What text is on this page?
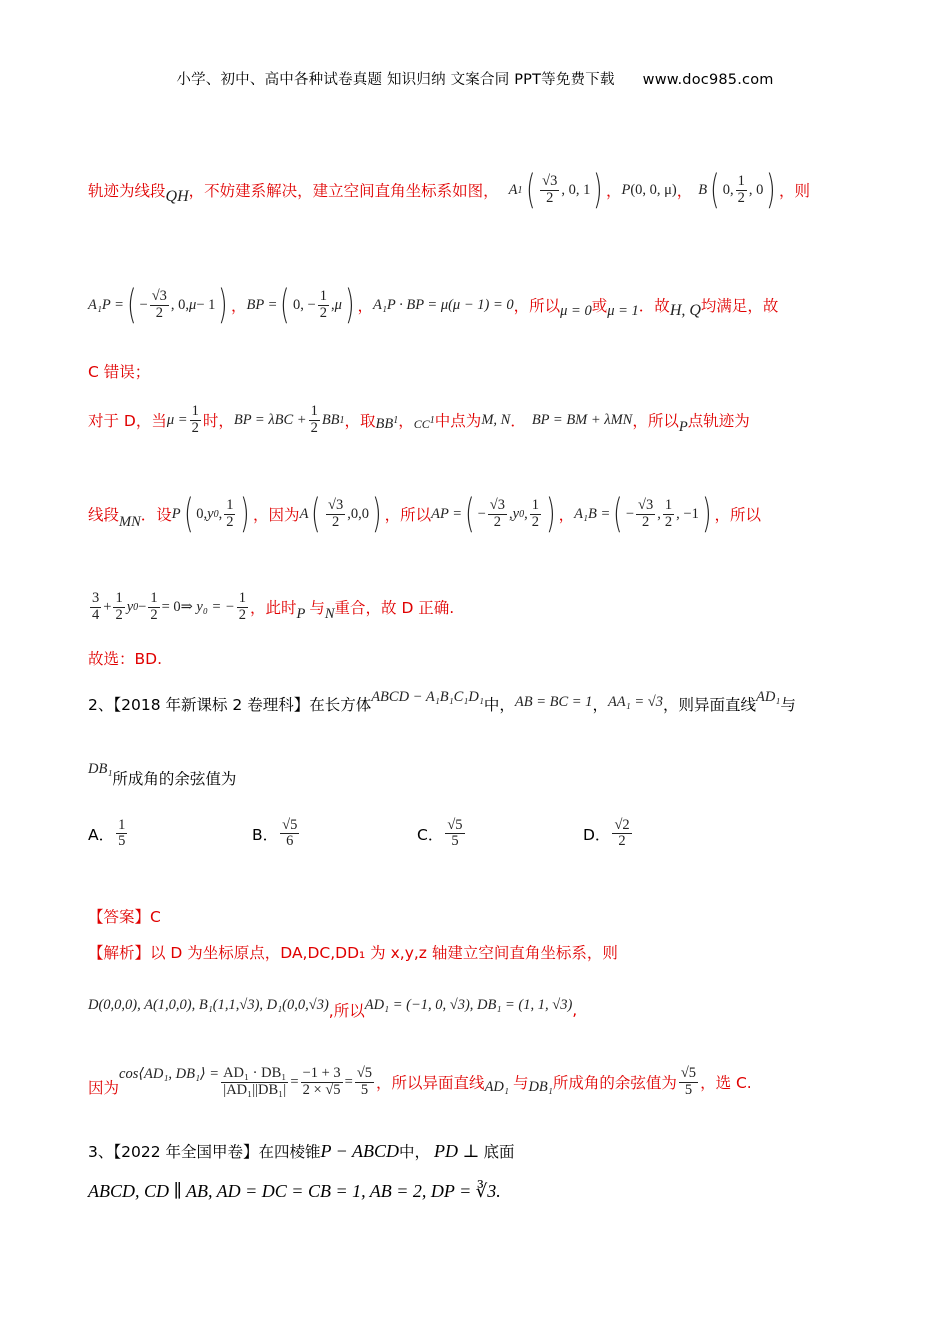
小学、初中、高中各种试卷真题 知识归纳 文案合同 PPT等免费下载 www.doc985.com
轨迹为线段 QH ，不妨建系解决，建立空间直角坐标系如图， A 1 ( $\frac{√3}{2}$ , 0, 1 ) ， P (0, 0, μ) ， B ( 0, $\frac{1}{2}$ , 0 ) ，则
A₁P = ( − $\frac{√3}{2}$ , 0, μ − 1 ) ， BP = ( 0, − $\frac{1}{2}$ , μ ) ， A₁P · BP = μ(μ − 1) = 0 ，所以 μ = 0 或 μ = 1 ．故 H, Q 均满足，故
C 错误；
对于 D，当 $\mu = \frac{1}{2}$ 时， BP = $\lambda BC + \frac{1}{2}$ BB 1 ，取 BB 1 ， CC 1 中点为 M, N ． BP = BM + λMN ，所以 P 点轨迹为
线段 MN ．设 P ( 0, y 0 , $\frac{1}{2}$ ) ，因为 A ( $\frac{√3}{2} ,0,0$ ) ，所以 AP = ( − $\frac{√3}{2}$ , y 0 , $\frac{1}{2}$ ) ， A₁B = ( − $\frac{√3}{2}$ , $\frac{1}{2}$ , −1 ) ，所以
$\frac{3}{4} + \frac{1}{2}$ y $0 - \frac{1}{2} = 0$ ⇒ y₀ = − $\frac{1}{2}$ ，此时 P 与 N 重合，故 D 正确.
故选：BD.
2、【2018 年新课标 2 卷理科】在长方体 ABCD − A₁B₁C₁D₁ 中， AB = BC = 1 ， AA₁ = √3 ，则异面直线 AD₁ 与
DB₁
所成角的余弦值为
A． $\frac{1}{5}$	B． $\frac{√5}{6}$	C． $\frac{√5}{5}$	D． $\frac{√2}{2}$
【答案】C
【解析】以 D 为坐标原点，DA,DC,DD₁ 为 x,y,z 轴建立空间直角坐标系，则
D(0,0,0), A(1,0,0), B₁(1,1,√3), D₁(0,0,√3) ,所以 AD₁ = (−1, 0, √3), DB₁ = (1, 1, √3) ,
因为
cos⟨AD₁, DB₁⟩ = $\frac{\text{AD₁ · DB₁}}{\text{|AD₁||DB₁|}} = \frac{-1 + 3}{2 \times √5} = \frac{√5}{5}$ ，所以异面直线 AD₁ 与 DB₁ 所成角的余弦值为 $\frac{√5}{5}$ ，选 C.
3、【2022 年全国甲卷】在四棱锥 P − ABCD 中， PD ⊥ 底面
ABCD, CD ∥ AB, AD = DC = CB = 1, AB = 2, DP = ∛3.
